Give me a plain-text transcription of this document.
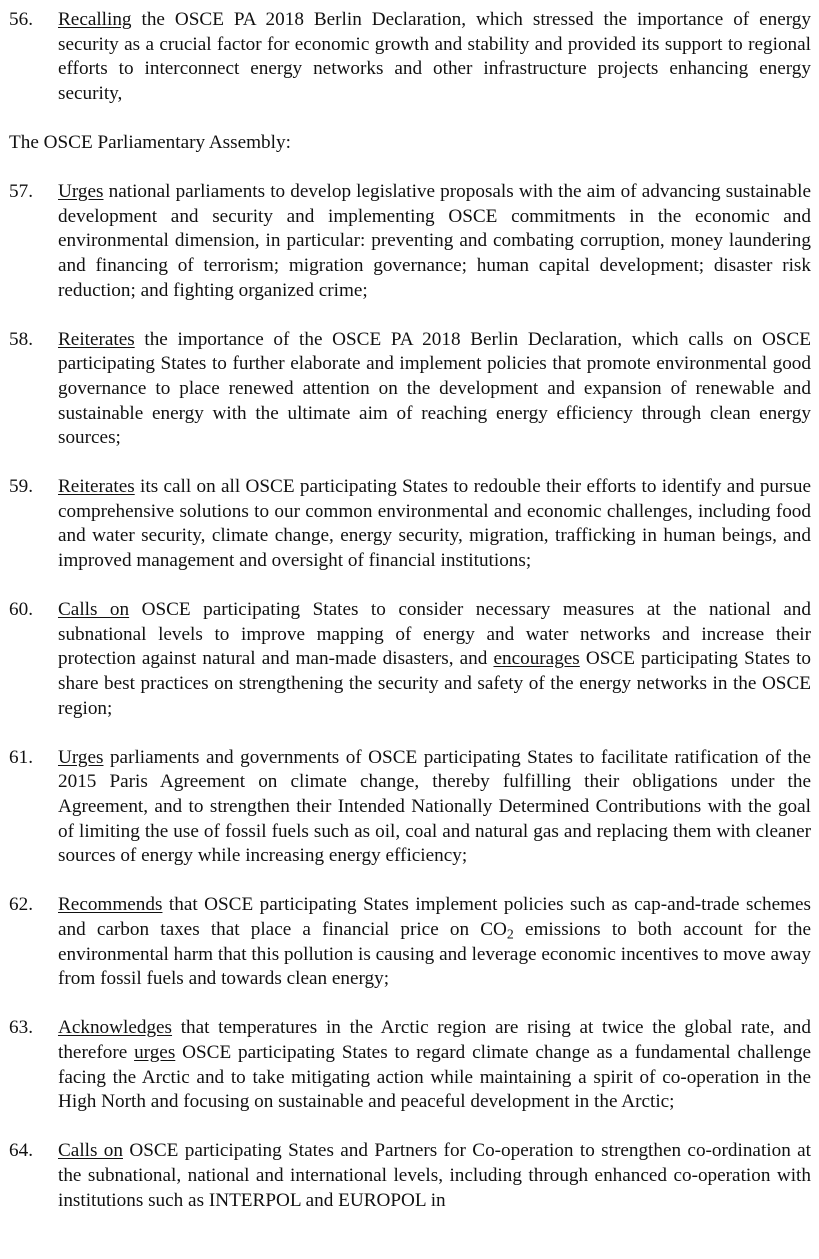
56.	Recalling the OSCE PA 2018 Berlin Declaration, which stressed the importance of energy security as a crucial factor for economic growth and stability and provided its support to regional efforts to interconnect energy networks and other infrastructure projects enhancing energy security,
The OSCE Parliamentary Assembly:
57.	Urges national parliaments to develop legislative proposals with the aim of advancing sustainable development and security and implementing OSCE commitments in the economic and environmental dimension, in particular: preventing and combating corruption, money laundering and financing of terrorism; migration governance; human capital development; disaster risk reduction; and fighting organized crime;
58.	Reiterates the importance of the OSCE PA 2018 Berlin Declaration, which calls on OSCE participating States to further elaborate and implement policies that promote environmental good governance to place renewed attention on the development and expansion of renewable and sustainable energy with the ultimate aim of reaching energy efficiency through clean energy sources;
59.	Reiterates its call on all OSCE participating States to redouble their efforts to identify and pursue comprehensive solutions to our common environmental and economic challenges, including food and water security, climate change, energy security, migration, trafficking in human beings, and improved management and oversight of financial institutions;
60.	Calls on OSCE participating States to consider necessary measures at the national and subnational levels to improve mapping of energy and water networks and increase their protection against natural and man-made disasters, and encourages OSCE participating States to share best practices on strengthening the security and safety of the energy networks in the OSCE region;
61.	Urges parliaments and governments of OSCE participating States to facilitate ratification of the 2015 Paris Agreement on climate change, thereby fulfilling their obligations under the Agreement, and to strengthen their Intended Nationally Determined Contributions with the goal of limiting the use of fossil fuels such as oil, coal and natural gas and replacing them with cleaner sources of energy while increasing energy efficiency;
62.	Recommends that OSCE participating States implement policies such as cap-and-trade schemes and carbon taxes that place a financial price on $CO_2$ emissions to both account for the environmental harm that this pollution is causing and leverage economic incentives to move away from fossil fuels and towards clean energy;
63.	Acknowledges that temperatures in the Arctic region are rising at twice the global rate, and therefore urges OSCE participating States to regard climate change as a fundamental challenge facing the Arctic and to take mitigating action while maintaining a spirit of co-operation in the High North and focusing on sustainable and peaceful development in the Arctic;
64.	Calls on OSCE participating States and Partners for Co-operation to strengthen co-ordination at the subnational, national and international levels, including through enhanced co-operation with institutions such as INTERPOL and EUROPOL in
